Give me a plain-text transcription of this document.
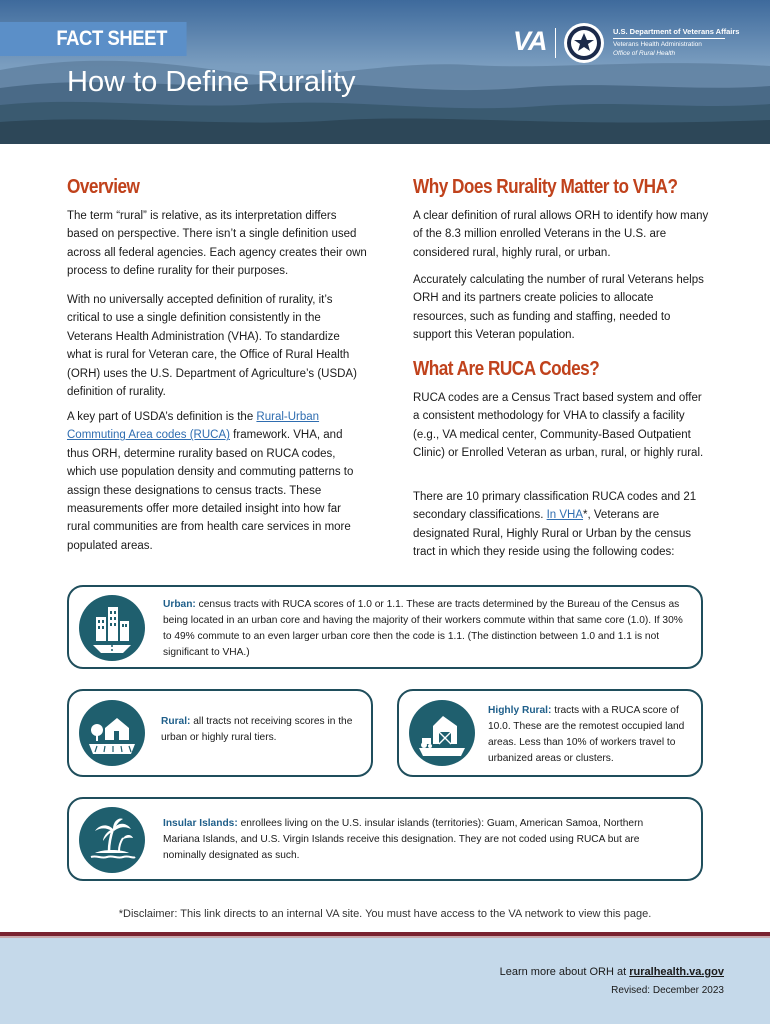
FACT SHEET
How to Define Rurality
VA	U.S. Department of Veterans Affairs
Veterans Health Administration
Office of Rural Health
Overview

The term “rural” is relative, as its interpretation differs based on perspective. There isn’t a single definition used across all federal agencies. Each agency creates their own process to define rurality for their purposes.

With no universally accepted definition of rurality, it’s critical to use a single definition consistently in the Veterans Health Administration (VHA). To standardize what is rural for Veteran care, the Office of Rural Health (ORH) uses the U.S. Department of Agriculture’s (USDA) definition of rurality.

A key part of USDA’s definition is the Rural-Urban Commuting Area codes (RUCA) framework. VHA, and thus ORH, determine rurality based on RUCA codes, which use population density and commuting patterns to assign these designations to census tracts. These measurements offer more detailed insight into how far rural communities are from health care services in more populated areas.

Why Does Rurality Matter to VHA?

A clear definition of rural allows ORH to identify how many of the 8.3 million enrolled Veterans in the U.S. are considered rural, highly rural, or urban.

Accurately calculating the number of rural Veterans helps ORH and its partners create policies to allocate resources, such as funding and staffing, needed to support this Veteran population.

What Are RUCA Codes?

RUCA codes are a Census Tract based system and offer a consistent methodology for VHA to classify a facility (e.g., VA medical center, Community-Based Outpatient Clinic) or Enrolled Veteran as urban, rural, or highly rural.

There are 10 primary classification RUCA codes and 21 secondary classifications. In VHA*, Veterans are designated Rural, Highly Rural or Urban by the census tract in which they reside using the following codes:

Urban: census tracts with RUCA scores of 1.0 or 1.1. These are tracts determined by the Bureau of the Census as being located in an urban core and having the majority of their workers commute within that same core (1.0). If 30% to 49% commute to an even larger urban core then the code is 1.1. (The distinction between 1.0 and 1.1 is not significant to VHA.)

Rural: all tracts not receiving scores in the urban or highly rural tiers.

Highly Rural: tracts with a RUCA score of 10.0. These are the remotest occupied land areas. Less than 10% of workers travel to urbanized areas or clusters.

Insular Islands: enrollees living on the U.S. insular islands (territories): Guam, American Samoa, Northern Mariana Islands, and U.S. Virgin Islands receive this designation. They are not coded using RUCA but are nominally designated as such.

*Disclaimer: This link directs to an internal VA site. You must have access to the VA network to view this page.

Learn more about ORH at ruralhealth.va.gov

Revised: December 2023
